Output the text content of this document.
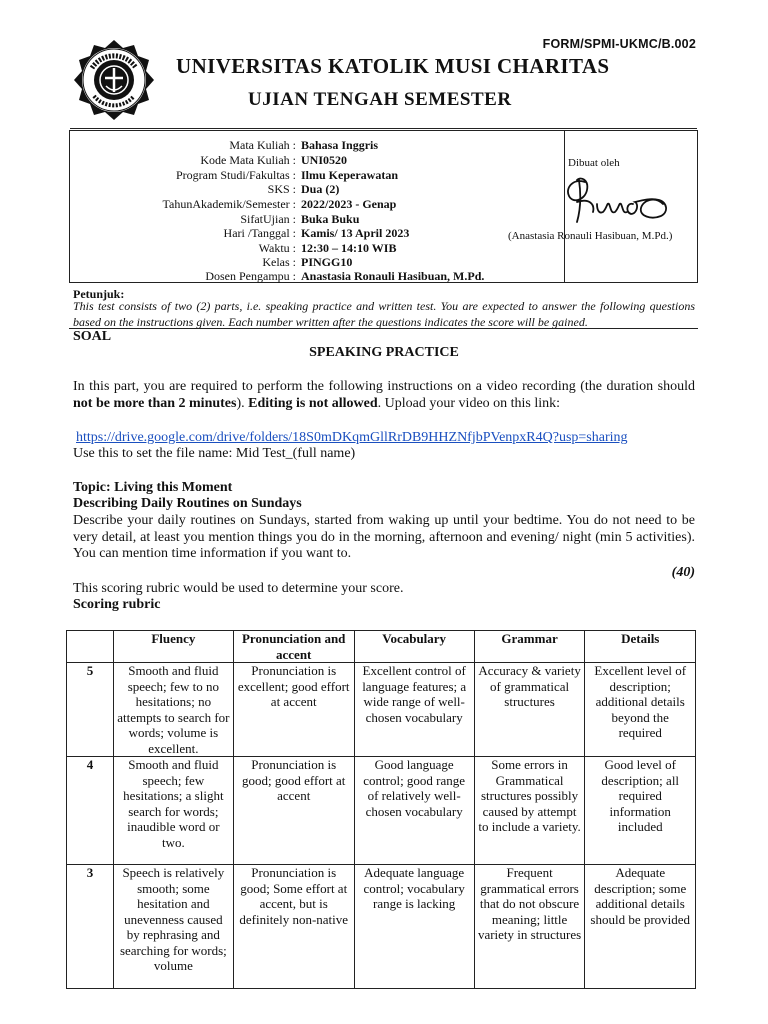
FORM/SPMI-UKMC/B.002
UNIVERSITAS KATOLIK MUSI CHARITAS
UJIAN TENGAH SEMESTER
Mata Kuliah : Bahasa Inggris
Kode Mata Kuliah : UNI0520
Program Studi/Fakultas : Ilmu Keperawatan
SKS : Dua (2)
TahunAkademik/Semester : 2022/2023 - Genap
SifatUjian : Buka Buku
Hari /Tanggal : Kamis/ 13 April 2023
Waktu : 12:30 – 14:10 WIB
Kelas : PINGG10
Dosen Pengampu : Anastasia Ronauli Hasibuan, M.Pd.
Dibuat oleh
(Anastasia Ronauli Hasibuan, M.Pd.)
Petunjuk:
This test consists of two (2) parts, i.e. speaking practice and written test. You are expected to answer the following questions based on the instructions given. Each number written after the questions indicates the score will be gained.
SOAL
SPEAKING PRACTICE
In this part, you are required to perform the following instructions on a video recording (the duration should not be more than 2 minutes). Editing is not allowed. Upload your video on this link:
https://drive.google.com/drive/folders/18S0mDKqmGllRrDB9HHZNfjbPVenpxR4Q?usp=sharing
Use this to set the file name: Mid Test_(full name)
Topic: Living this Moment
Describing Daily Routines on Sundays
Describe your daily routines on Sundays, started from waking up until your bedtime. You do not need to be very detail, at least you mention things you do in the morning, afternoon and evening/ night (min 5 activities). You can mention time information if you want to.
(40)
This scoring rubric would be used to determine your score.
Scoring rubric
	Fluency	Pronunciation and accent	Vocabulary	Grammar	Details
5	Smooth and fluid speech; few to no hesitations; no attempts to search for words; volume is excellent.	Pronunciation is excellent; good effort at accent	Excellent control of language features; a wide range of well-chosen vocabulary	Accuracy & variety of grammatical structures	Excellent level of description; additional details beyond the required
4	Smooth and fluid speech; few hesitations; a slight search for words; inaudible word or two.	Pronunciation is good; good effort at accent	Good language control; good range of relatively well-chosen vocabulary	Some errors in Grammatical structures possibly caused by attempt to include a variety.	Good level of description; all required information included
3	Speech is relatively smooth; some hesitation and unevenness caused by rephrasing and searching for words; volume	Pronunciation is good; Some effort at accent, but is definitely non-native	Adequate language control; vocabulary range is lacking	Frequent grammatical errors that do not obscure meaning; little variety in structures	Adequate description; some additional details should be provided
